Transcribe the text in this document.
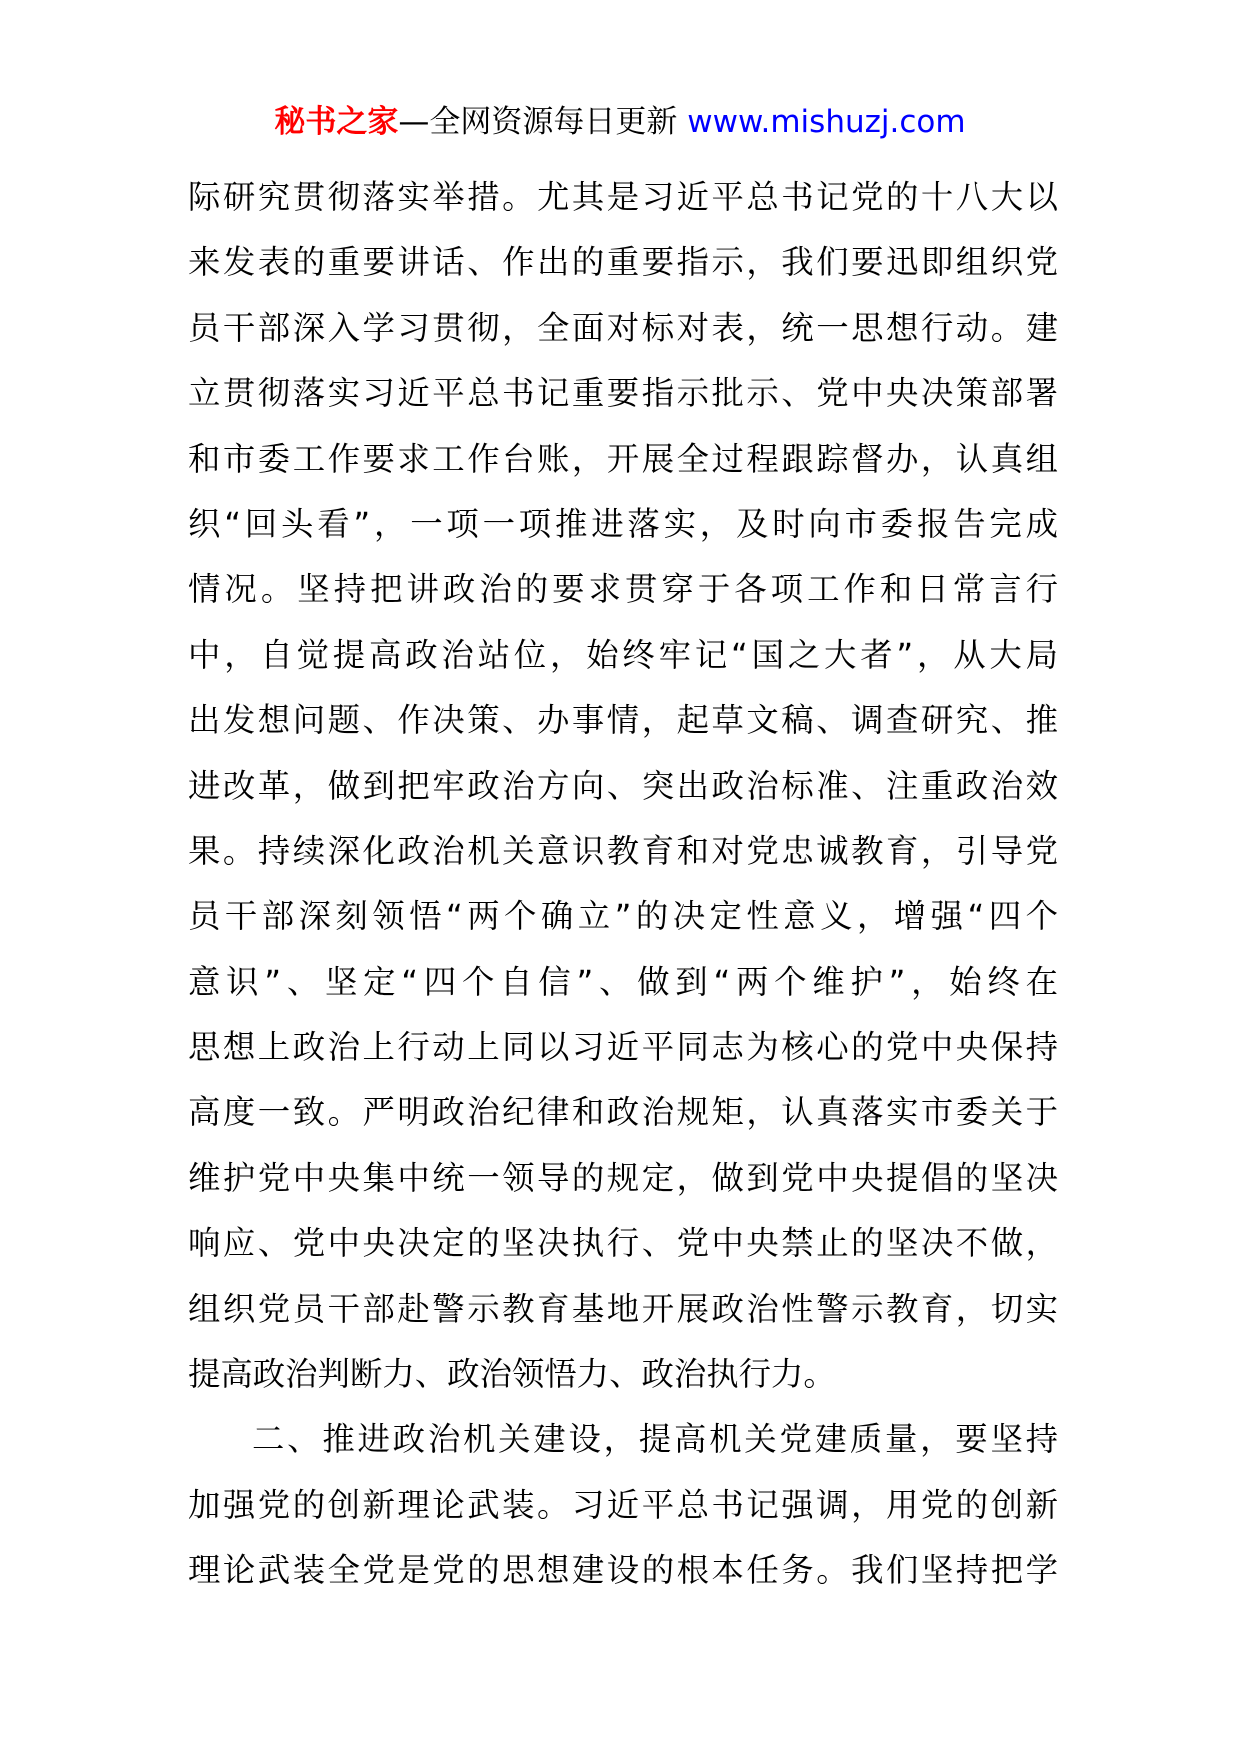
秘书之家—全网资源每日更新 www.mishuzj.com
际研究贯彻落实举措。尤其是习近平总书记党的十八大以
来发表的重要讲话、作出的重要指示，我们要迅即组织党
员干部深入学习贯彻，全面对标对表，统一思想行动。建
立贯彻落实习近平总书记重要指示批示、党中央决策部署
和市委工作要求工作台账，开展全过程跟踪督办，认真组
织“回头看”，一项一项推进落实，及时向市委报告完成
情况。坚持把讲政治的要求贯穿于各项工作和日常言行
中，自觉提高政治站位，始终牢记“国之大者”，从大局
出发想问题、作决策、办事情，起草文稿、调查研究、推
进改革，做到把牢政治方向、突出政治标准、注重政治效
果。持续深化政治机关意识教育和对党忠诚教育，引导党
员干部深刻领悟“两个确立”的决定性意义，增强“四个
意识”、坚定“四个自信”、做到“两个维护”，始终在
思想上政治上行动上同以习近平同志为核心的党中央保持
高度一致。严明政治纪律和政治规矩，认真落实市委关于
维护党中央集中统一领导的规定，做到党中央提倡的坚决
响应、党中央决定的坚决执行、党中央禁止的坚决不做，
组织党员干部赴警示教育基地开展政治性警示教育，切实
提高政治判断力、政治领悟力、政治执行力。
二、推进政治机关建设，提高机关党建质量，要坚持
加强党的创新理论武装。习近平总书记强调，用党的创新
理论武装全党是党的思想建设的根本任务。我们坚持把学
